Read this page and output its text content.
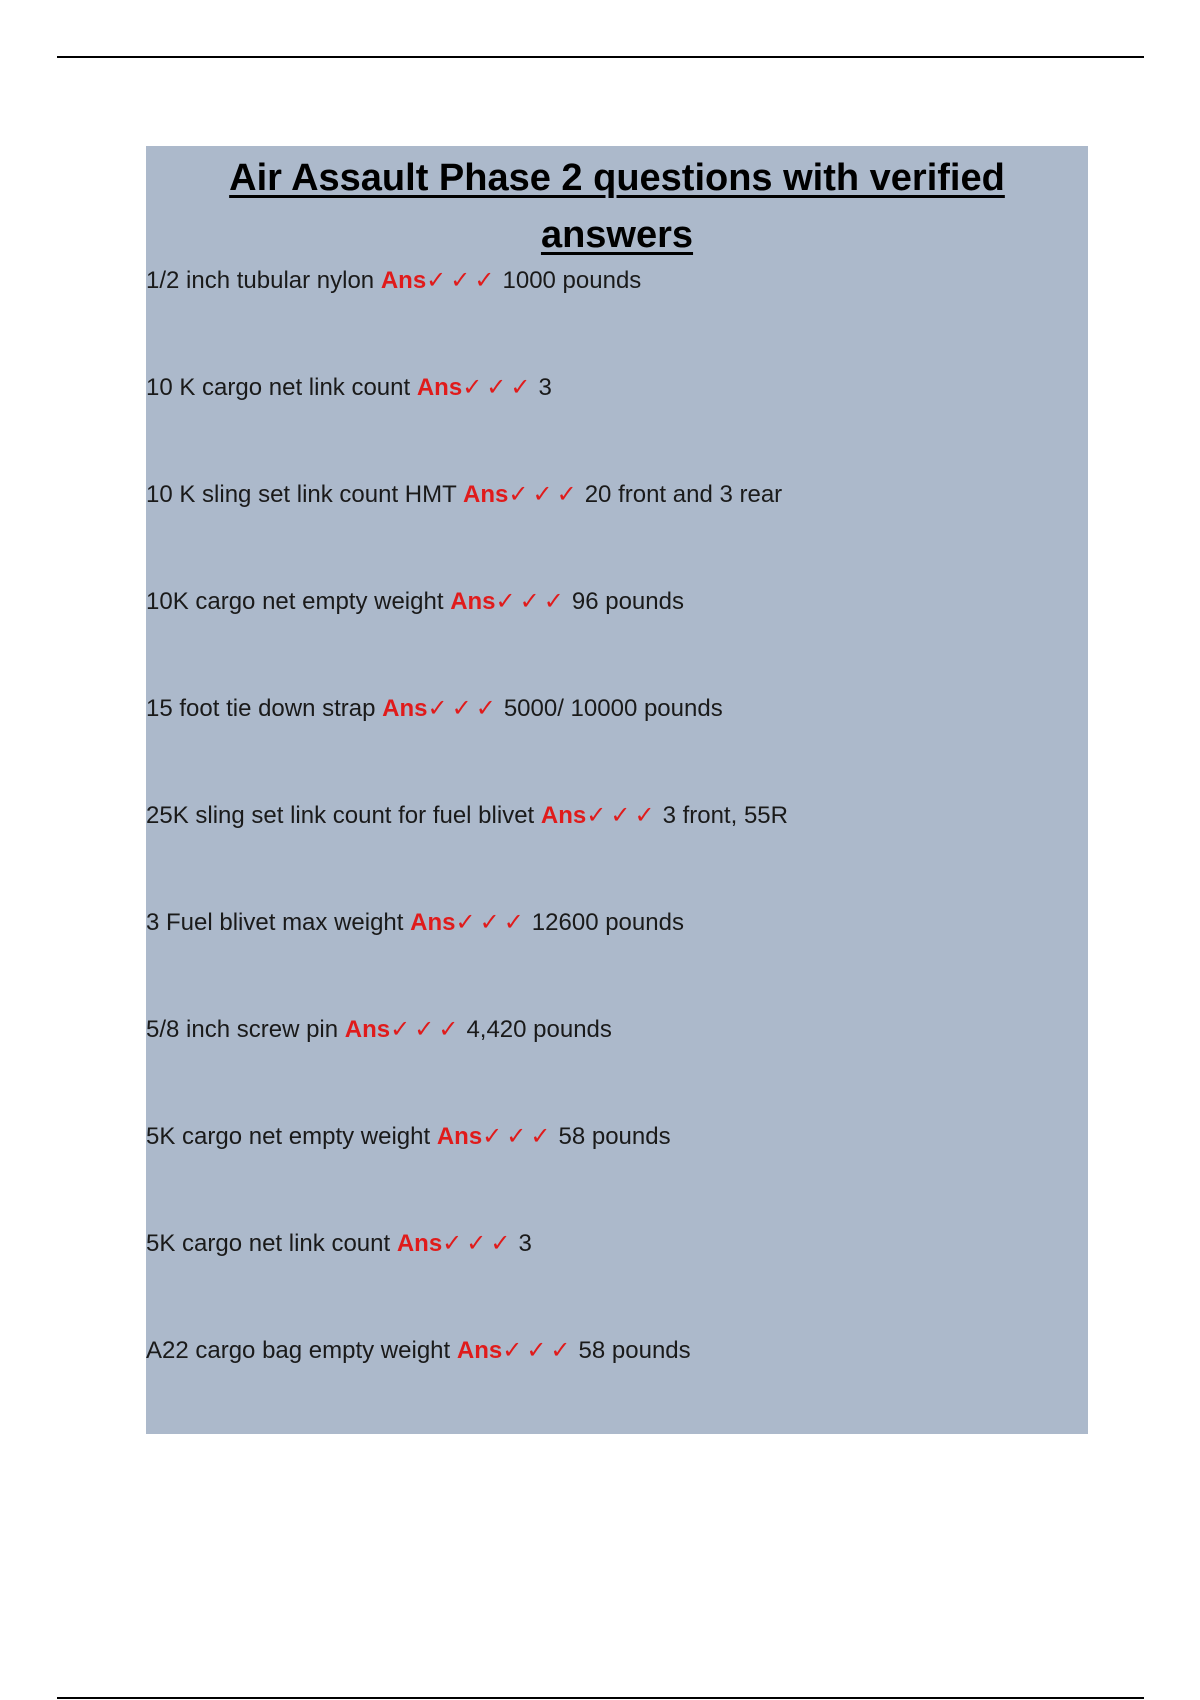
Air Assault Phase 2 questions with verified
answers
1/2 inch tubular nylon Ans✓ ✓ ✓ 1000 pounds
10 K cargo net link count Ans✓ ✓ ✓ 3
10 K sling set link count HMT Ans✓ ✓ ✓ 20 front and 3 rear
10K cargo net empty weight Ans✓ ✓ ✓ 96 pounds
15 foot tie down strap Ans✓ ✓ ✓ 5000/ 10000 pounds
25K sling set link count for fuel blivet Ans✓ ✓ ✓ 3 front, 55R
3 Fuel blivet max weight Ans✓ ✓ ✓ 12600 pounds
5/8 inch screw pin Ans✓ ✓ ✓ 4,420 pounds
5K cargo net empty weight Ans✓ ✓ ✓ 58 pounds
5K cargo net link count Ans✓ ✓ ✓ 3
A22 cargo bag empty weight Ans✓ ✓ ✓ 58 pounds
